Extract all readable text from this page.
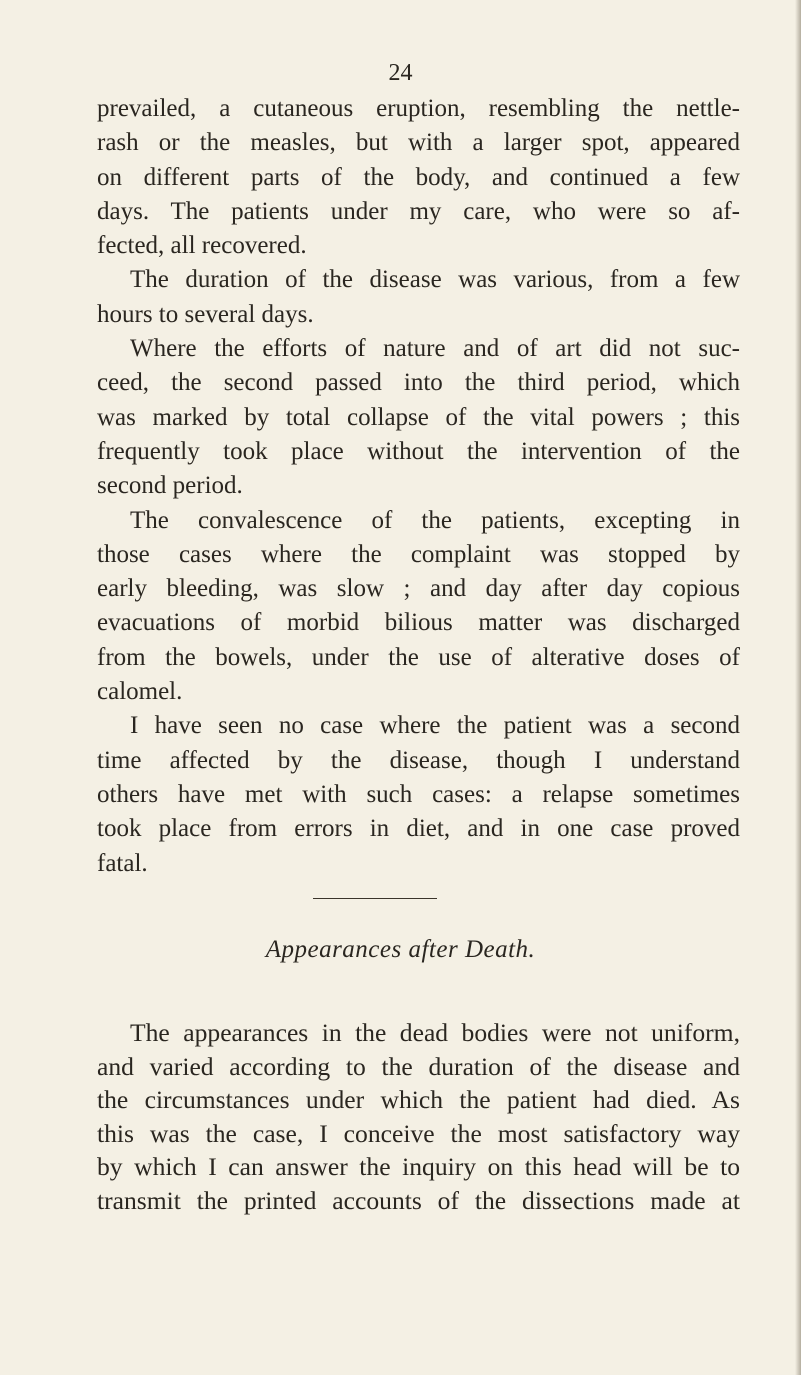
24
prevailed, a cutaneous eruption, resembling the nettle-
rash or the measles, but with a larger spot, appeared
on different parts of the body, and continued a few
days. The patients under my care, who were so af-
fected, all recovered.
The duration of the disease was various, from a few
hours to several days.
Where the efforts of nature and of art did not suc-
ceed, the second passed into the third period, which
was marked by total collapse of the vital powers ; this
frequently took place without the intervention of the
second period.
The convalescence of the patients, excepting in
those cases where the complaint was stopped by
early bleeding, was slow ; and day after day copious
evacuations of morbid bilious matter was discharged
from the bowels, under the use of alterative doses of
calomel.
I have seen no case where the patient was a second
time affected by the disease, though I understand
others have met with such cases: a relapse sometimes
took place from errors in diet, and in one case proved
fatal.
Appearances after Death.
The appearances in the dead bodies were not uniform,
and varied according to the duration of the disease and
the circumstances under which the patient had died. As
this was the case, I conceive the most satisfactory way
by which I can answer the inquiry on this head will be to
transmit the printed accounts of the dissections made at
